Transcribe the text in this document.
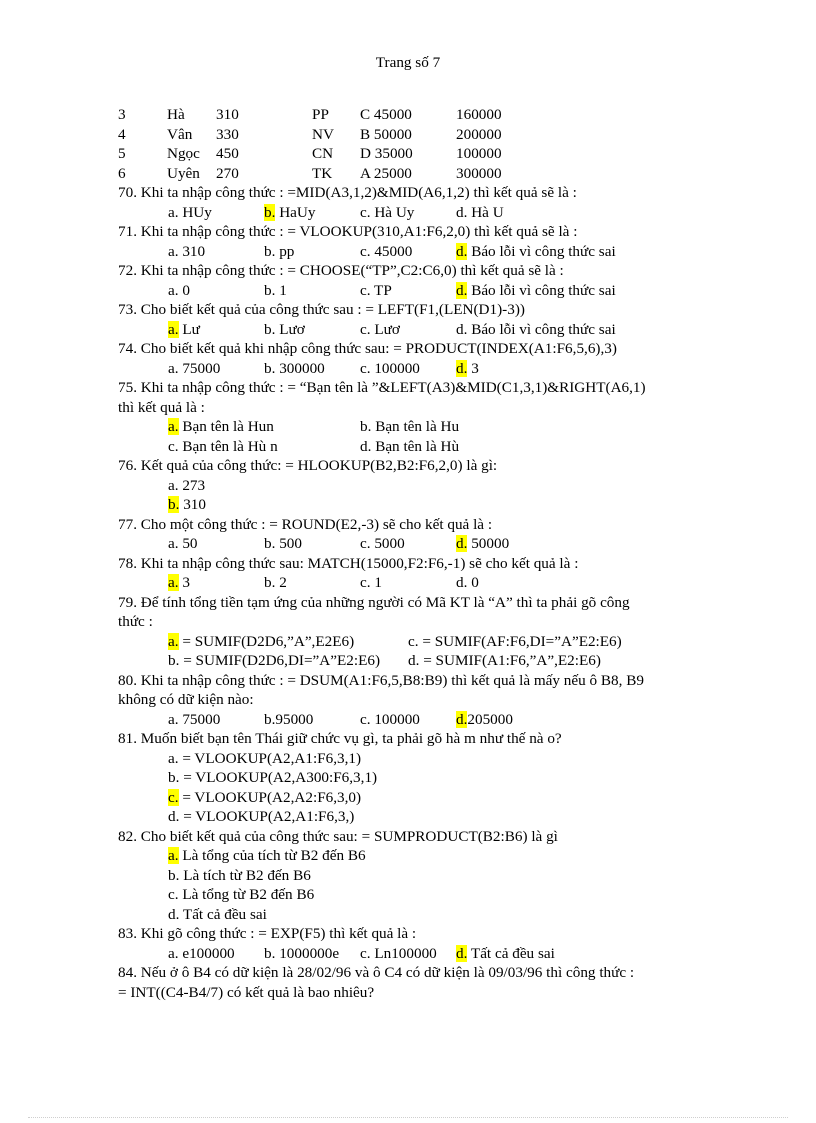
Trang số 7
3	Hà 310	PP C 45000	160000
4	Vân 330	NV B 50000	200000
5	Ngọc 450	CN D 35000	100000
6	Uyên 270	TK A 25000	300000
70. Khi ta nhập công thức : =MID(A3,1,2)&MID(A6,1,2) thì kết quả sẽ là :
a. HUy	b. HaUy	c. Hà Uy	d. Hà U
71. Khi ta nhập công thức : = VLOOKUP(310,A1:F6,2,0) thì kết quả sẽ là :
a. 310	b. pp	c. 45000	d. Báo lỗi vì công thức sai
72. Khi ta nhập công thức : = CHOOSE(“TP”,C2:C6,0) thì kết quả sẽ là :
a. 0	b. 1	c. TP	d. Báo lỗi vì công thức sai
73. Cho biết kết quả của công thức sau : = LEFT(F1,(LEN(D1)-3))
a. Lư	b. Lươ	c. Lươ	d. Báo lỗi vì công thức sai
74. Cho biết kết quả khi nhập công thức sau: = PRODUCT(INDEX(A1:F6,5,6),3)
a. 75000	b. 300000 c. 100000 d. 3
75. Khi ta nhập công thức : = “Bạn tên là ”&LEFT(A3)&MID(C1,3,1)&RIGHT(A6,1)
thì kết quả là :
a. Bạn tên là Hun	b. Bạn tên là Hu
c. Bạn tên là Hù n	d. Bạn tên là Hù
76. Kết quả của công thức: = HLOOKUP(B2,B2:F6,2,0) là gì:
a. 273
b. 310
77. Cho một công thức : = ROUND(E2,-3) sẽ cho kết quả là :
a. 50	b. 500	c. 5000	d. 50000
78. Khi ta nhập công thức sau: MATCH(15000,F2:F6,-1) sẽ cho kết quả là :
a. 3	b. 2	c. 1	d. 0
79. Để tính tổng tiền tạm ứng của những người có Mã KT là “A” thì ta phải gõ công
thức :
a. = SUMIF(D2D6,”A”,E2E6)	c. = SUMIF(AF:F6,DI=”A”E2:E6)
b. = SUMIF(D2D6,DI=”A”E2:E6) d. = SUMIF(A1:F6,”A”,E2:E6)
80. Khi ta nhập công thức : = DSUM(A1:F6,5,B8:B9) thì kết quả là mấy nếu ô B8, B9
không có dữ kiện nào:
a. 75000	b.95000	c. 100000 d.205000
81. Muốn biết bạn tên Thái giữ chức vụ gì, ta phải gõ hà m như thế nà o?
a. = VLOOKUP(A2,A1:F6,3,1)
b. = VLOOKUP(A2,A300:F6,3,1)
c. = VLOOKUP(A2,A2:F6,3,0)
d. = VLOOKUP(A2,A1:F6,3,)
82. Cho biết kết quả của công thức sau: = SUMPRODUCT(B2:B6) là gì
a. Là tổng của tích từ B2 đến B6
b. Là tích từ B2 đến B6
c. Là tổng từ B2 đến B6
d. Tất cả đều sai
83. Khi gõ công thức : = EXP(F5) thì kết quả là :
a. e100000 b. 1000000e c. Ln100000 d. Tất cả đều sai
84. Nếu ở ô B4 có dữ kiện là 28/02/96 và ô C4 có dữ kiện là 09/03/96 thì công thức :
= INT((C4-B4/7) có kết quả là bao nhiêu?
